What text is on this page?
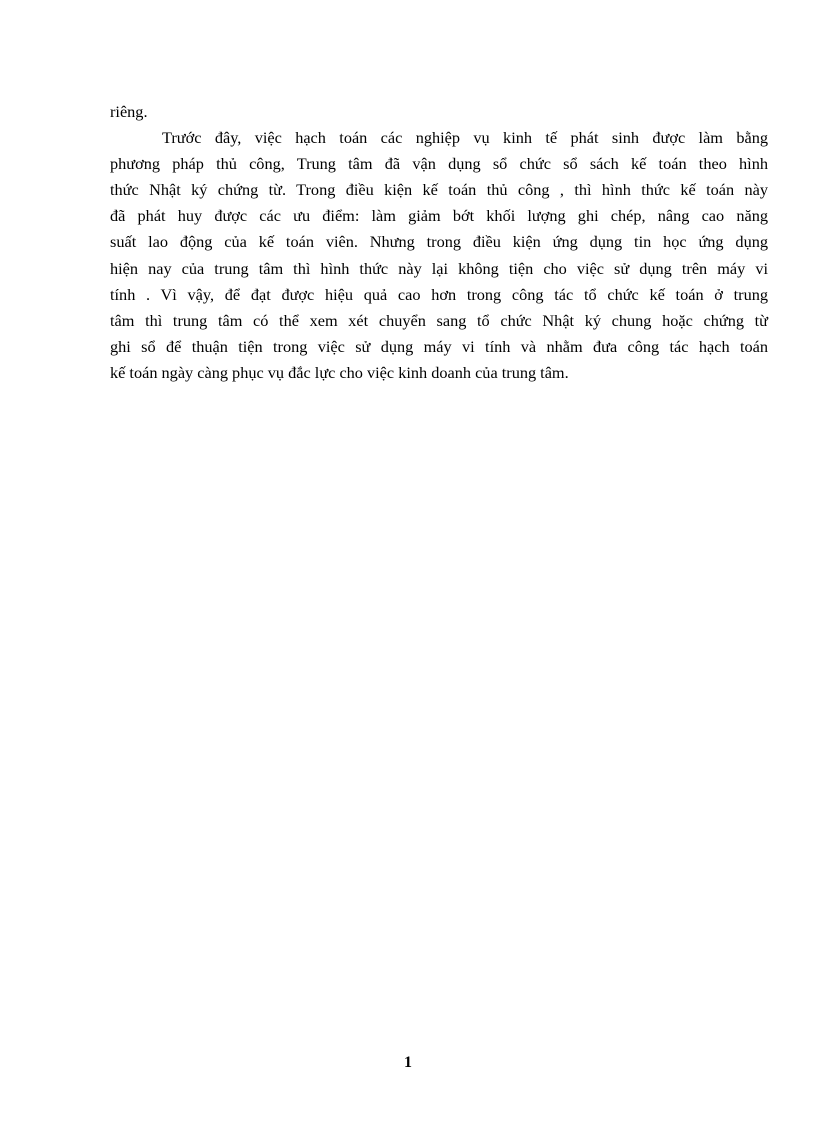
riêng.
Trước đây, việc hạch toán các nghiệp vụ kinh tế phát sinh được làm bằng
phương pháp thủ công, Trung tâm đã vận dụng sổ chức sổ sách kế toán theo hình
thức Nhật ký chứng từ. Trong điều kiện kế toán thủ công , thì hình thức kế toán này
đã phát huy được các ưu điểm: làm giảm bớt khối lượng ghi chép, nâng cao năng
suất lao động của kế toán viên. Nhưng trong điều kiện ứng dụng tin học ứng dụng
hiện nay của trung tâm thì hình thức này lại không tiện cho việc sử dụng trên máy vi
tính . Vì vậy, để đạt được hiệu quả cao hơn trong công tác tổ chức kế toán ở trung
tâm thì trung tâm có thể xem xét chuyển sang tổ chức Nhật ký chung hoặc chứng từ
ghi sổ để thuận tiện trong việc sử dụng máy vi tính và nhằm đưa công tác hạch toán
kế toán ngày càng phục vụ đắc lực cho việc kinh doanh của trung tâm.
1
